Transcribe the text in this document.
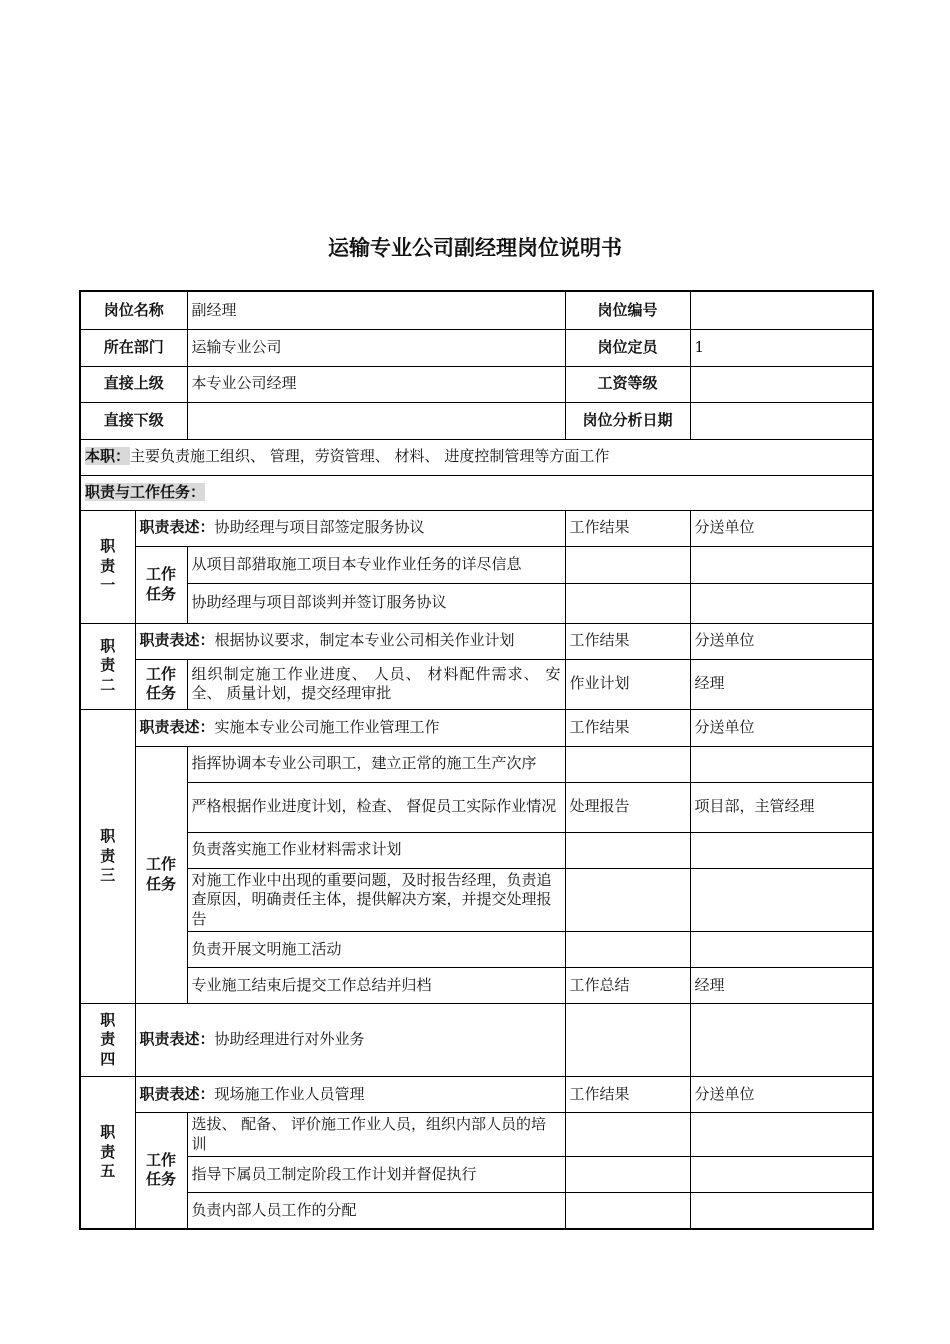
运输专业公司副经理岗位说明书
岗位名称		副经理	岗位编号	
所在部门		运输专业公司	岗位定员	1
直接上级		本专业公司经理	工资等级	
直接下级			岗位分析日期	
本职：主要负责施工组织、 管理，劳资管理、 材料、 进度控制管理等方面工作				
职责与工作任务：				

职
责
一	职责表述：协助经理与项目部签定服务协议		工作结果	分送单位

	工作
任务	从项目部猎取施工项目本专业作业任务的详尽信息		
		协助经理与项目部谈判并签订服务协议		

职
责
二	职责表述：根据协议要求，制定本专业公司相关作业计划		工作结果	分送单位

	工作
任务	组织制定施工作业进度、 人员、 材料配件需求、 安全、 质量计划，提交经理审批	作业计划	经理

职
责
三	职责表述：实施本专业公司施工作业管理工作		工作结果	分送单位

	工作
任务	指挥协调本专业公司职工，建立正常的施工生产次序		
		严格根据作业进度计划，检查、 督促员工实际作业情况	处理报告	项目部，主管经理
		负责落实施工作业材料需求计划		
		对施工作业中出现的重要问题，及时报告经理，负责追查原因，明确责任主体，提供解决方案，并提交处理报告		
		负责开展文明施工活动		
		专业施工结束后提交工作总结并归档	工作总结	经理

职
责
四	职责表述：协助经理进行对外业务			

职
责
五	职责表述：现场施工作业人员管理		工作结果	分送单位

	工作
任务	选拔、 配备、 评价施工作业人员，组织内部人员的培训		
		指导下属员工制定阶段工作计划并督促执行		
		负责内部人员工作的分配		
